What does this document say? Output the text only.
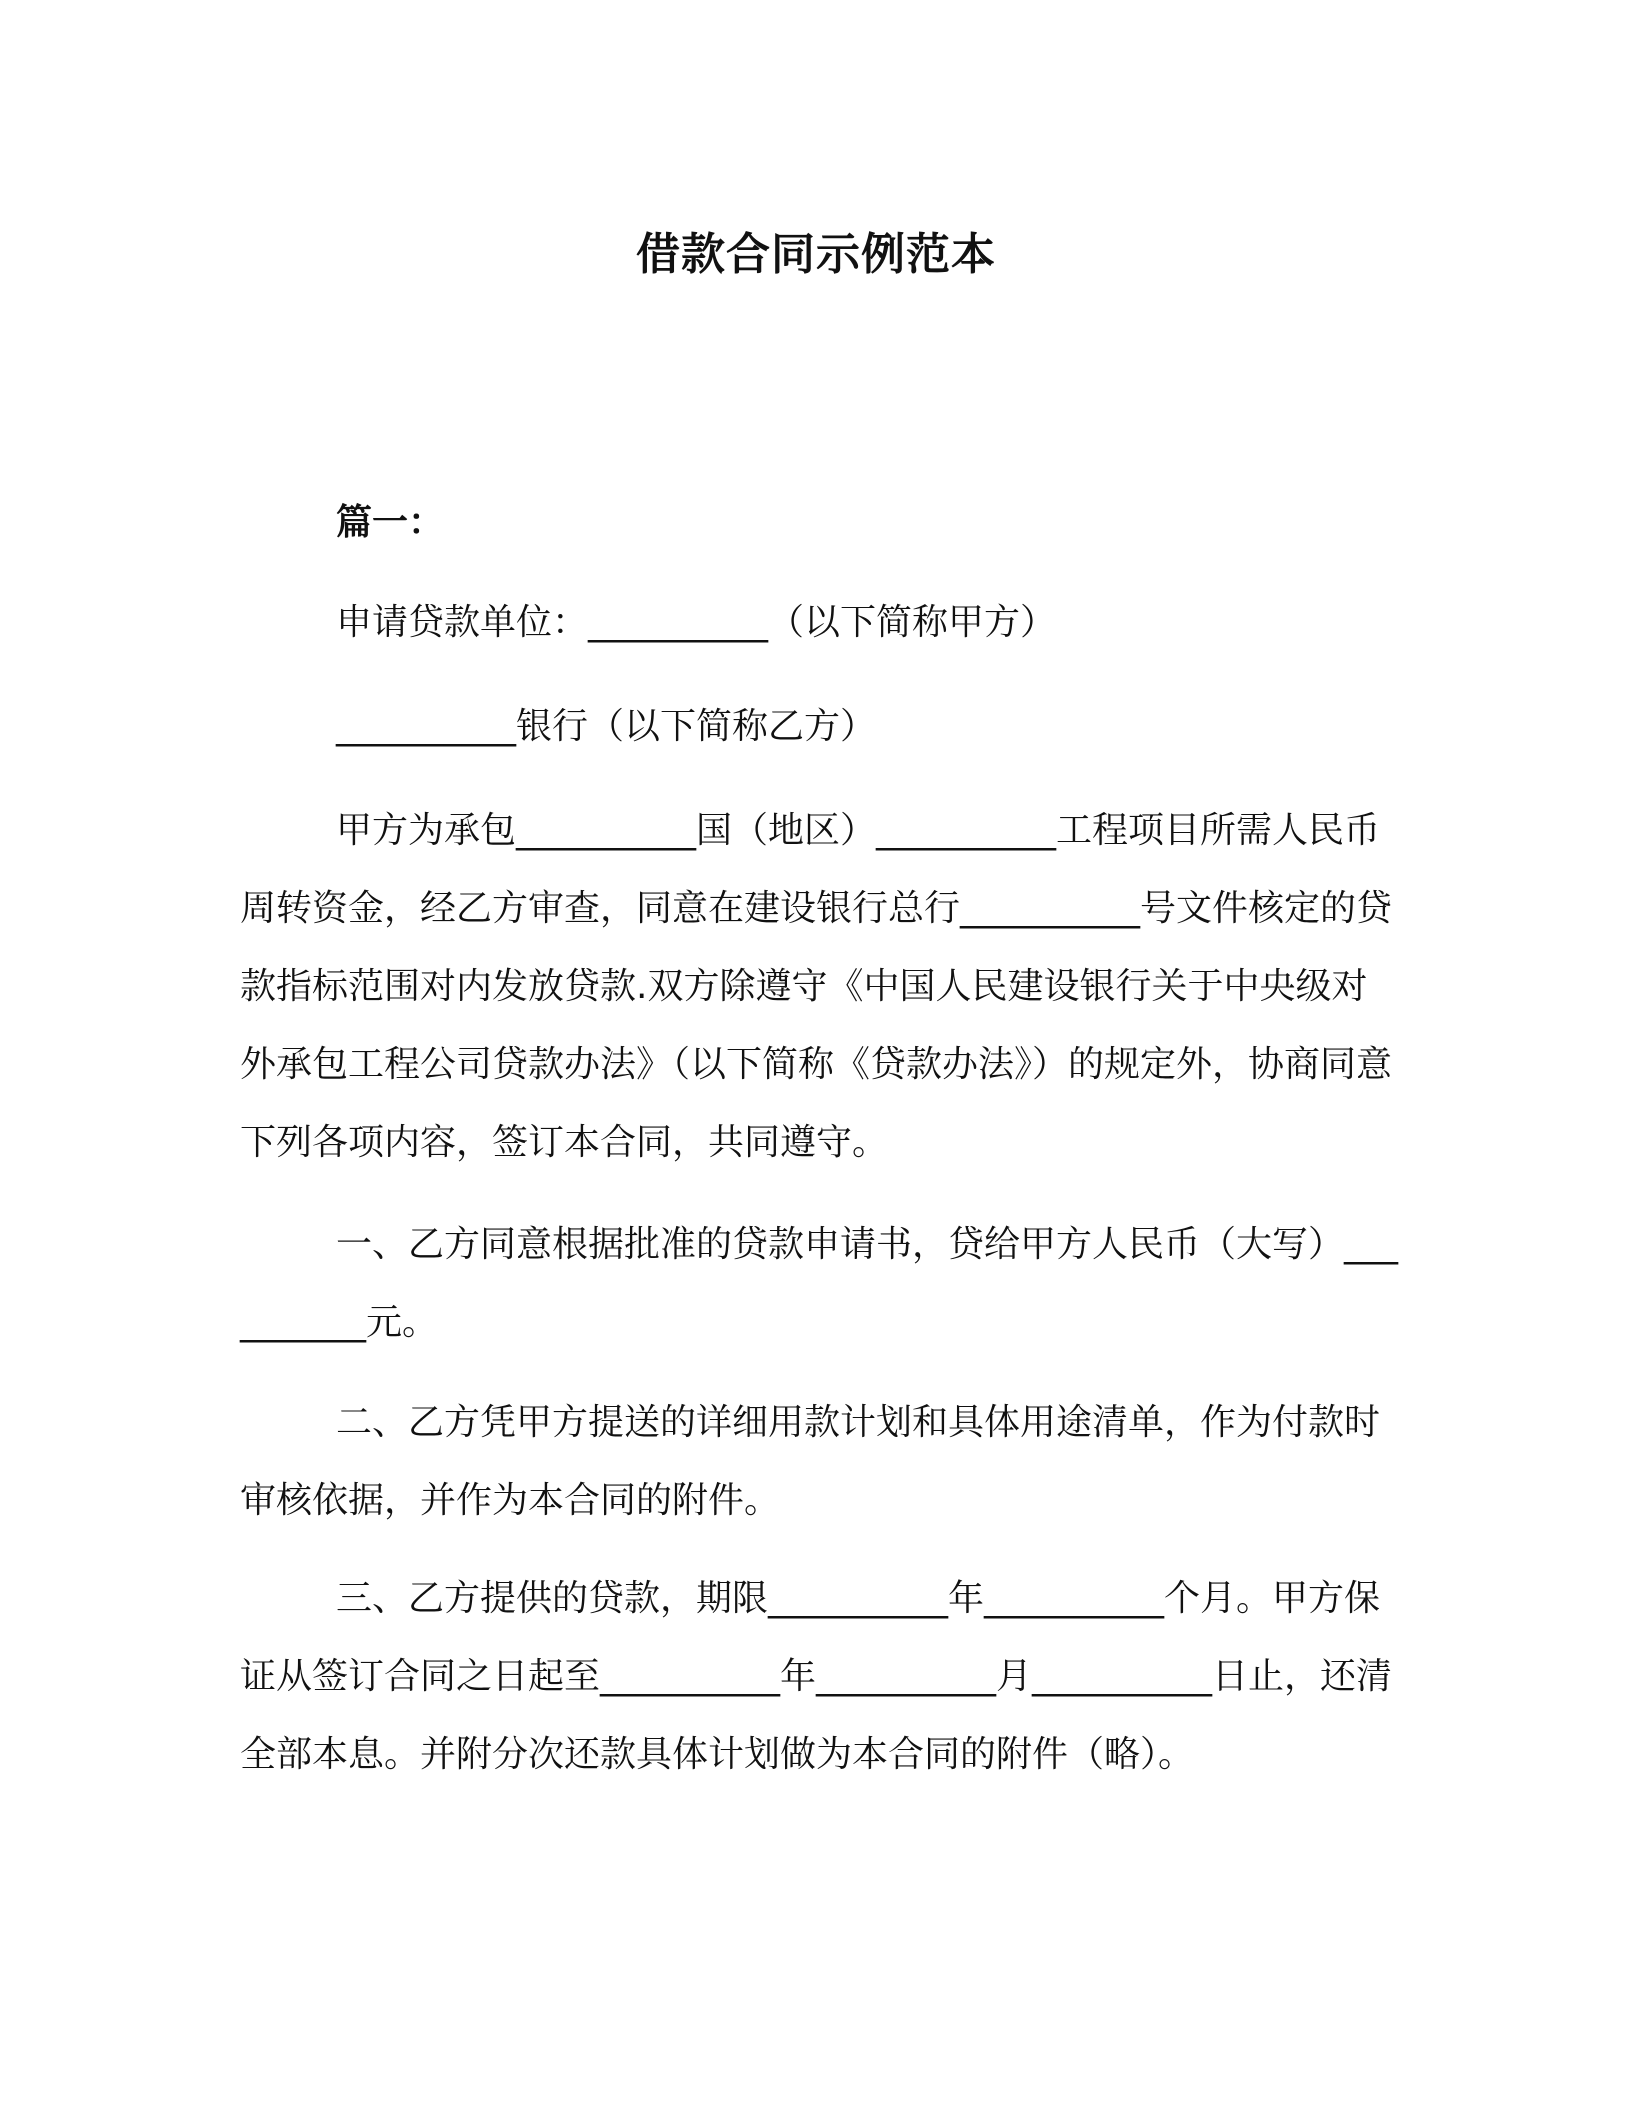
借款合同示例范本

篇一：

申请贷款单位：__________（以下简称甲方）

__________银行（以下简称乙方）

甲方为承包__________国（地区）__________工程项目所需人民币周转资金，经乙方审查，同意在建设银行总行__________号文件核定的贷款指标范围对内发放贷款.双方除遵守《中国人民建设银行关于中央级对外承包工程公司贷款办法》（以下简称《贷款办法》）的规定外，协商同意下列各项内容，签订本合同，共同遵守。

一、乙方同意根据批准的贷款申请书，贷给甲方人民币（大写）__________元。

二、乙方凭甲方提送的详细用款计划和具体用途清单，作为付款时审核依据，并作为本合同的附件。

三、乙方提供的贷款，期限__________年__________个月。甲方保证从签订合同之日起至__________年__________月__________日止，还清全部本息。并附分次还款具体计划做为本合同的附件（略）。
